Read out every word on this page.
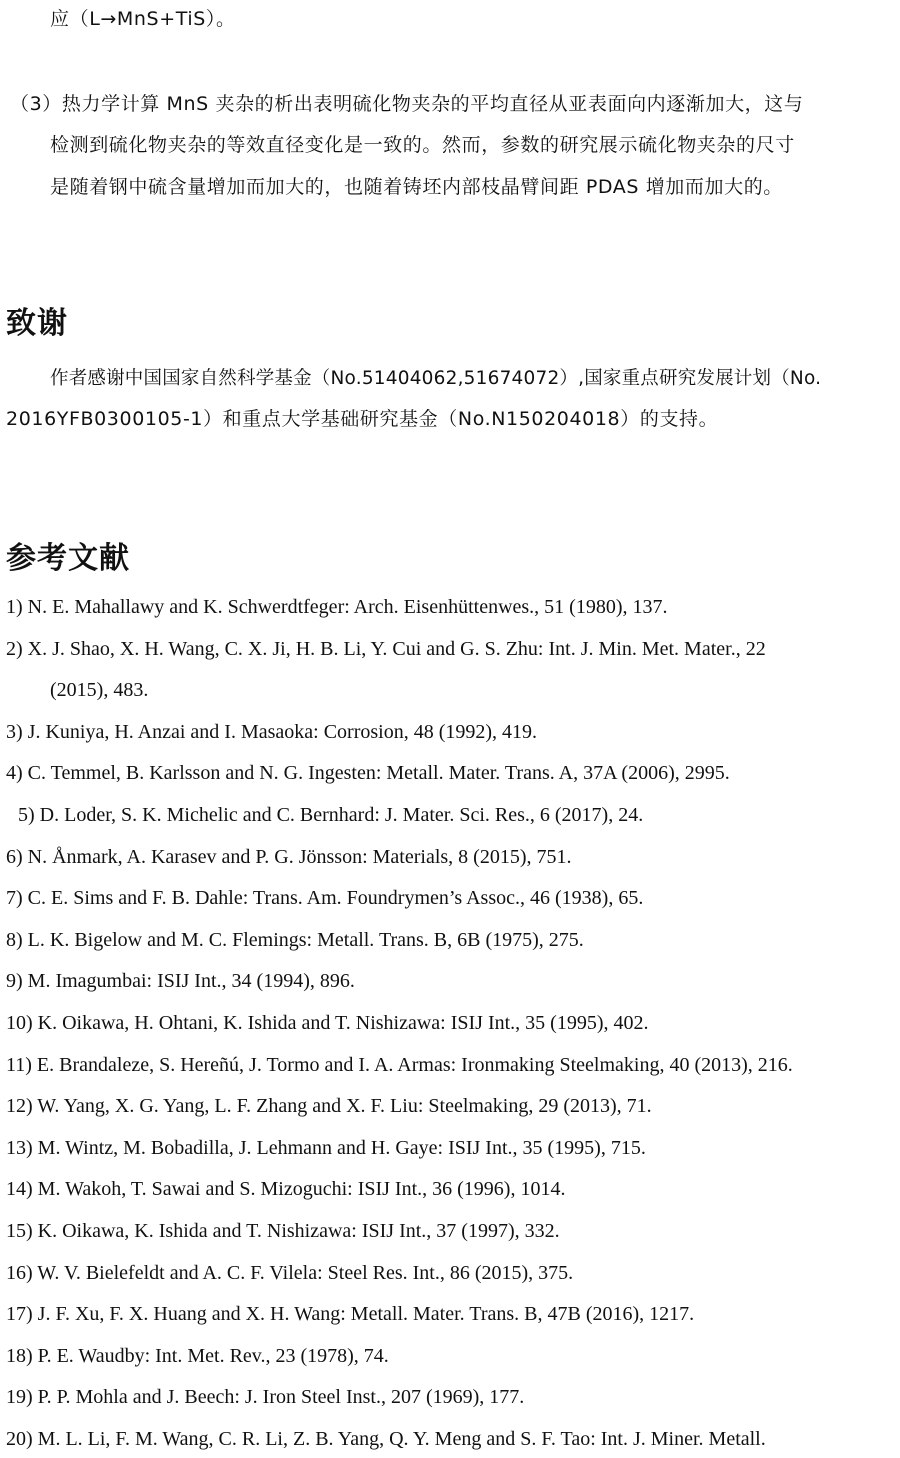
应（L→MnS+TiS）。
（3）热力学计算 MnS 夹杂的析出表明硫化物夹杂的平均直径从亚表面向内逐渐加大，这与
检测到硫化物夹杂的等效直径变化是一致的。然而，参数的研究展示硫化物夹杂的尺寸
是随着钢中硫含量增加而加大的，也随着铸坯内部枝晶臂间距 PDAS 增加而加大的。
致谢
作者感谢中国国家自然科学基金（No.51404062,51674072）,国家重点研究发展计划（No.
2016YFB0300105-1）和重点大学基础研究基金（No.N150204018）的支持。
参考文献
1) N. E. Mahallawy and K. Schwerdtfeger: Arch. Eisenhüttenwes., 51 (1980), 137.
2) X. J. Shao, X. H. Wang, C. X. Ji, H. B. Li, Y. Cui and G. S. Zhu: Int. J. Min. Met. Mater., 22
(2015), 483.
3) J. Kuniya, H. Anzai and I. Masaoka: Corrosion, 48 (1992), 419.
4) C. Temmel, B. Karlsson and N. G. Ingesten: Metall. Mater. Trans. A, 37A (2006), 2995.
5) D. Loder, S. K. Michelic and C. Bernhard: J. Mater. Sci. Res., 6 (2017), 24.
6) N. Ånmark, A. Karasev and P. G. Jönsson: Materials, 8 (2015), 751.
7) C. E. Sims and F. B. Dahle: Trans. Am. Foundrymen’s Assoc., 46 (1938), 65.
8) L. K. Bigelow and M. C. Flemings: Metall. Trans. B, 6B (1975), 275.
9) M. Imagumbai: ISIJ Int., 34 (1994), 896.
10) K. Oikawa, H. Ohtani, K. Ishida and T. Nishizawa: ISIJ Int., 35 (1995), 402.
11) E. Brandaleze, S. Hereñú, J. Tormo and I. A. Armas: Ironmaking Steelmaking, 40 (2013), 216.
12) W. Yang, X. G. Yang, L. F. Zhang and X. F. Liu: Steelmaking, 29 (2013), 71.
13) M. Wintz, M. Bobadilla, J. Lehmann and H. Gaye: ISIJ Int., 35 (1995), 715.
14) M. Wakoh, T. Sawai and S. Mizoguchi: ISIJ Int., 36 (1996), 1014.
15) K. Oikawa, K. Ishida and T. Nishizawa: ISIJ Int., 37 (1997), 332.
16) W. V. Bielefeldt and A. C. F. Vilela: Steel Res. Int., 86 (2015), 375.
17) J. F. Xu, F. X. Huang and X. H. Wang: Metall. Mater. Trans. B, 47B (2016), 1217.
18) P. E. Waudby: Int. Met. Rev., 23 (1978), 74.
19) P. P. Mohla and J. Beech: J. Iron Steel Inst., 207 (1969), 177.
20) M. L. Li, F. M. Wang, C. R. Li, Z. B. Yang, Q. Y. Meng and S. F. Tao: Int. J. Miner. Metall.
